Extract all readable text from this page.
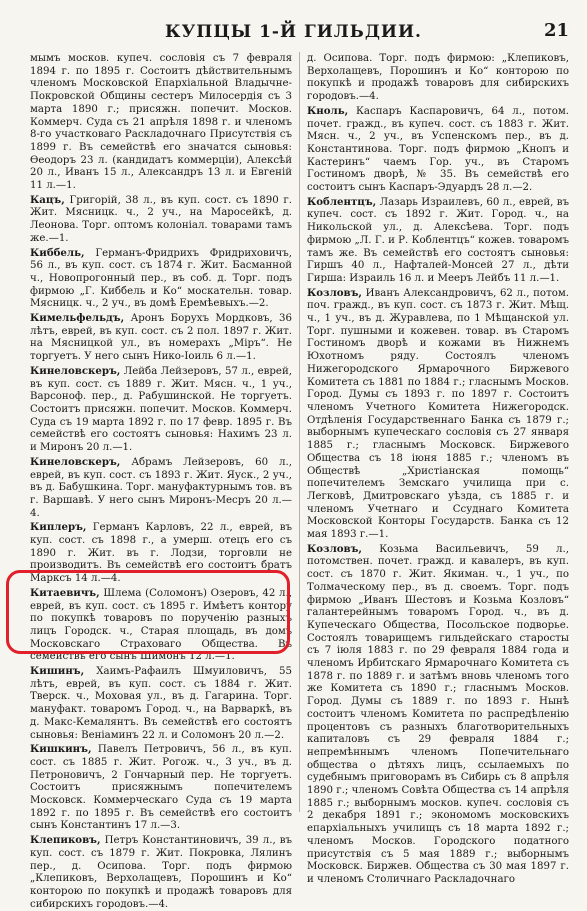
КУПЦЫ 1-Й ГИЛЬДИИ.	21

мымъ москов. купеч. сословія съ 7 февраля 1894 г. по 1895 г. Состоитъ дѣйствительнымъ членомъ Московской Епархіальной Владычне-Покровской Общины сестеръ Милосердія съ 3 марта 1890 г.; присяжн. попечит. Москов. Коммерч. Суда съ 21 апрѣля 1898 г. и членомъ 8-го участковаго Раскладочнаго Присутствія съ 1899 г. Въ семействѣ его значатся сыновья: Ѳеодоръ 23 л. (кандидатъ коммерціи), Алексѣй 20 л., Иванъ 15 л., Александръ 13 л. и Евгеній 11 л.—1.

Кацъ, Григорій, 38 л., въ куп. сост. съ 1890 г. Жит. Мясницк. ч., 2 уч., на Маросейкѣ, д. Леонова. Торг. оптомъ колоніал. товарами тамъ же.—1.

Киббель, Германъ-Фридрихъ Фридриховичъ, 56 л., въ куп. сост. съ 1874 г. Жит. Басманной ч., Новопрогонный пер., въ соб. д. Торг. подъ фирмою „Г. Киббель и Ко“ москательн. товар. Мясницк. ч., 2 уч., въ домѣ Еремѣевыхъ.—2.

Кимельфельдъ, Аронъ Борухъ Мордковъ, 36 лѣтъ, еврей, въ куп. сост. съ 2 пол. 1897 г. Жит. на Мясницкой ул., въ номерахъ „Міръ“. Не торгуетъ. У него сынъ Нико-Іоиль 6 л.—1.

Кинеловскеръ, Лейба Лейзеровъ, 57 л., еврей, въ куп. сост. съ 1889 г. Жит. Мясн. ч., 1 уч., Варсоноф. пер., д. Рабушинской. Не торгуетъ. Состоитъ присяжн. попечит. Москов. Коммерч. Суда съ 19 марта 1892 г. по 17 февр. 1895 г. Въ семействѣ его состоятъ сыновья: Нахимъ 23 л. и Миронъ 20 л.—1.

Кинеловскеръ, Абрамъ Лейзеровъ, 60 л., еврей, въ куп. сост. съ 1893 г. Жит. Яуск., 2 уч., въ д. Бабушкина. Торг. мануфактурнымъ тов. въ г. Варшавѣ. У него сынъ Миронъ-Месръ 20 л.—4.

Киплеръ, Германъ Карловъ, 22 л., еврей, въ куп. сост. съ 1898 г., а умерш. отецъ его съ 1890 г. Жит. въ г. Лодзи, торговли не производитъ. Въ семействѣ его состоитъ братъ Марксъ 14 л.—4.

Китаевичъ, Шлема (Соломонъ) Озеровъ, 42 л., еврей, въ куп. сост. съ 1895 г. Имѣетъ контору по покупкѣ товаровъ по порученію разныхъ лицъ Городск. ч., Старая площадь, въ домѣ Московскаго Страховаго Общества. Въ семействѣ его сынъ Шимонъ 12 л.—1.

Кишинъ, Хаимъ-Рафаилъ Шмуиловичъ, 55 лѣтъ, еврей, въ куп. сост. съ 1884 г. Жит. Тверск. ч., Моховая ул., въ д. Гагарина. Торг. мануфакт. товаромъ Город. ч., на Варваркѣ, въ д. Макс-Кемалянтъ. Въ семействѣ его состоятъ сыновья: Веніаминъ 22 л. и Соломонъ 20 л.—2.

Кишкинъ, Павелъ Петровичъ, 56 л., въ куп. сост. съ 1885 г. Жит. Рогож. ч., 3 уч., въ д. Петроновичъ, 2 Гончарный пер. Не торгуетъ. Состоитъ присяжнымъ попечителемъ Московск. Коммерческаго Суда съ 19 марта 1892 г. по 1895 г. Въ семействѣ его состоитъ сынъ Константинъ 17 л.—3.

Клепиковъ, Петръ Константиновичъ, 39 л., въ куп. сост. съ 1879 г. Жит. Покровка, Лялинъ пер., д. Осипова. Торг. подъ фирмою „Клепиковъ, Верхолащевъ, Порошинъ и Ко“ конторою по покупкѣ и продажѣ товаровъ для сибирскихъ городовъ.—4.

д. Осипова. Торг. подъ фирмою: „Клепиковъ, Верхолащевъ, Порошинъ и Ко“ конторою по покупкѣ и продажѣ товаровъ для сибирскихъ городовъ.—4.

Кноль, Каспаръ Каспаровичъ, 64 л., потом. почет. гражд., въ купеч. сост. съ 1883 г. Жит. Мясн. ч., 2 уч., въ Успенскомъ пер., въ д. Константинова. Торг. подъ фирмою „Кнопъ и Кастеринъ“ чаемъ Гор. уч., въ Старомъ Гостиномъ дворѣ, № 35. Въ семействѣ его состоитъ сынъ Каспаръ-Эдуардъ 28 л.—2.

Коблентцъ, Лазарь Израилевъ, 60 л., еврей, въ купеч. сост. съ 1892 г. Жит. Город. ч., на Никольской ул., д. Алексѣева. Торг. подъ фирмою „Л. Г. и Р. Коблентцъ“ кожев. товаромъ тамъ же. Въ семействѣ его состоятъ сыновья: Гиршъ 40 л., Нафталей-Монсей 27 л., дѣти Гирша: Израиль 16 л. и Мееръ Лейбъ 11 л.—1.

Козловъ, Иванъ Александровичъ, 62 л., потом. поч. гражд., въ куп. сост. съ 1873 г. Жит. Мѣщ. ч., 1 уч., въ д. Журавлева, по 1 Мѣщанской ул. Торг. пушными и кожевен. товар. въ Старомъ Гостиномъ дворѣ и кожами въ Нижнемъ Юхотномъ ряду. Состоялъ членомъ Нижегородского Ярмарочного Биржевого Комитета съ 1881 по 1884 г.; гласнымъ Москов. Город. Думы съ 1893 г. по 1897 г. Состоитъ членомъ Учетного Комитета Нижегородск. Отдѣленія Государственнаго Банка съ 1879 г.; выборнымъ купеческаго сословія съ 27 января 1885 г.; гласнымъ Московск. Биржевого Общества съ 18 іюня 1885 г.; членомъ въ Обществѣ „Христіанская помощь“ попечителемъ Земскаго училища при с. Легковѣ, Дмитровскаго уѣзда, съ 1885 г. и членомъ Учетнаго и Ссуднаго Комитета Московской Конторы Государств. Банка съ 12 мая 1893 г.—1.

Козловъ, Козьма Васильевичъ, 59 л., потомствен. почет. гражд. и кавалеръ, въ куп. сост. съ 1870 г. Жит. Якиман. ч., 1 уч., по Толмаческому пер., въ д. своемъ. Торг. подъ фирмою „Иванъ Шестовъ и Козьма Козловъ“ галантерейнымъ товаромъ Город. ч., въ д. Купеческаго Общества, Посольское подворье. Состоялъ товарищемъ гильдейскаго старосты съ 7 іюля 1883 г. по 29 февраля 1884 года и членомъ Ирбитскаго Ярмарочнаго Комитета съ 1878 г. по 1889 г. и затѣмъ вновь членомъ того же Комитета съ 1890 г.; гласнымъ Москов. Город. Думы съ 1889 г. по 1893 г. Нынѣ состоитъ членомъ Комитета по распредѣленію процентовъ съ разныхъ благотворительныхъ капиталовъ съ 29 февраля 1884 г.; непремѣннымъ членомъ Попечительнаго общества о дѣтяхъ лицъ, ссылаемыхъ по судебнымъ приговорамъ въ Сибирь съ 8 апрѣля 1890 г.; членомъ Совѣта Общества съ 14 апрѣля 1885 г.; выборнымъ москов. купеч. сословія съ 2 декабря 1891 г.; экономомъ московскихъ епархіальныхъ училищъ съ 18 марта 1892 г.; членомъ Москов. Городского податного присутствія съ 5 мая 1889 г.; выборнымъ Московск. Биржев. Общества съ 30 мая 1897 г. и членомъ Столичнаго Раскладочнаго
